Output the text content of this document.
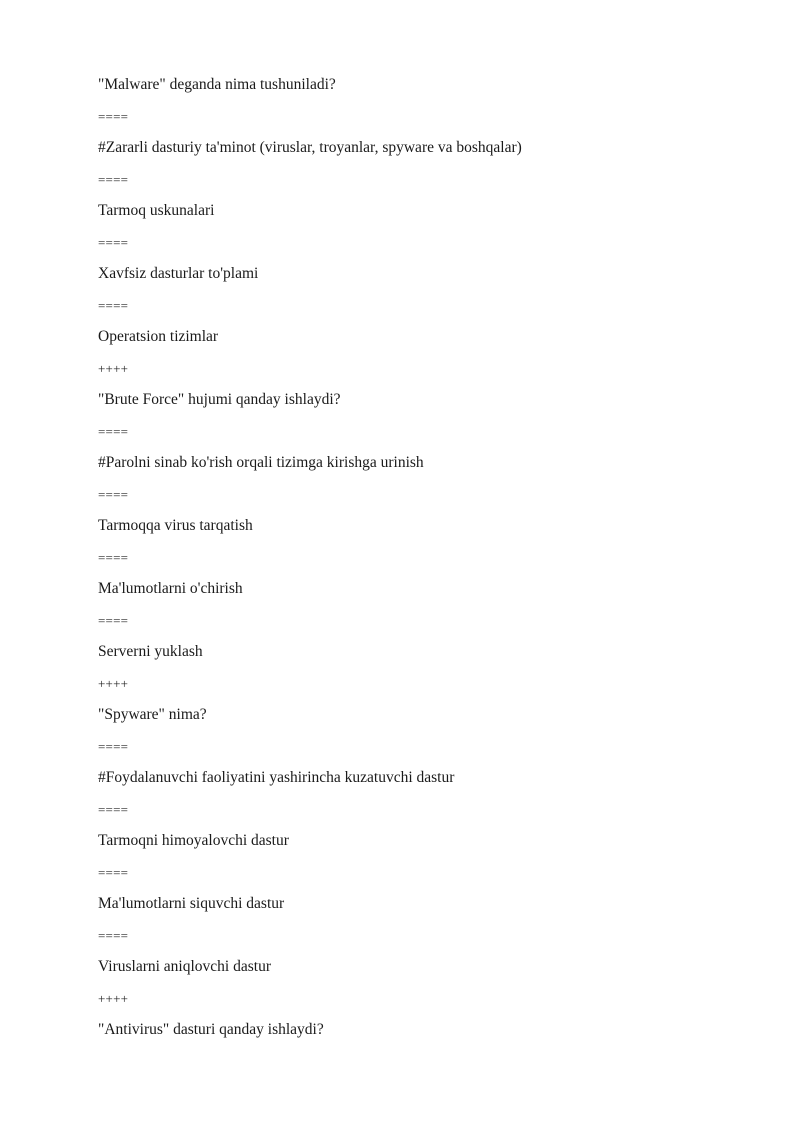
"Malware" deganda nima tushuniladi?
====
#Zararli dasturiy ta'minot (viruslar, troyanlar, spyware va boshqalar)
====
Tarmoq uskunalari
====
Xavfsiz dasturlar to'plami
====
Operatsion tizimlar
++++
"Brute Force" hujumi qanday ishlaydi?
====
#Parolni sinab ko'rish orqali tizimga kirishga urinish
====
Tarmoqqa virus tarqatish
====
Ma'lumotlarni o'chirish
====
Serverni yuklash
++++
"Spyware" nima?
====
#Foydalanuvchi faoliyatini yashirincha kuzatuvchi dastur
====
Tarmoqni himoyalovchi dastur
====
Ma'lumotlarni siquvchi dastur
====
Viruslarni aniqlovchi dastur
++++
"Antivirus" dasturi qanday ishlaydi?
